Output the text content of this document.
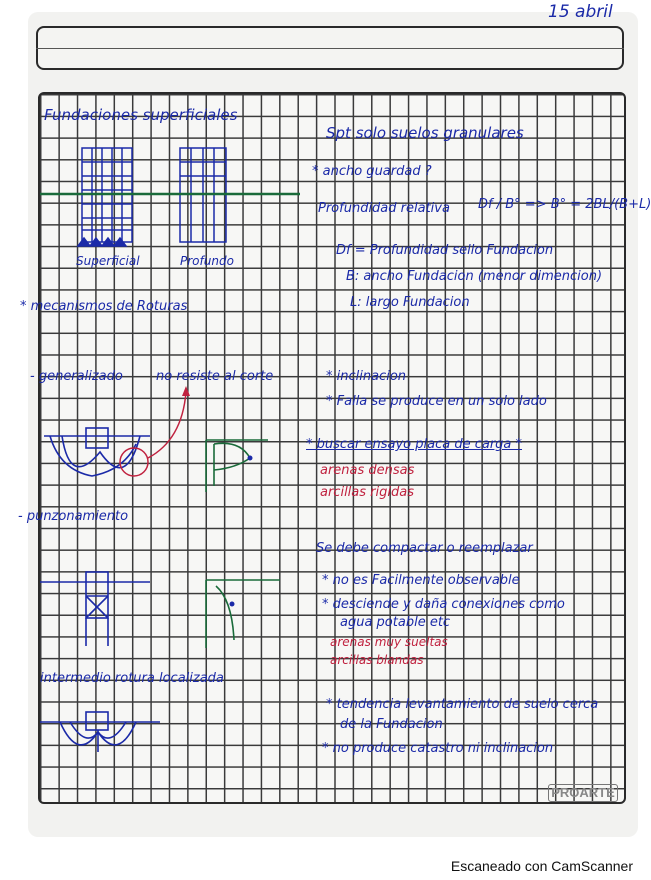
15 abril
Fundaciones superficiales
Superficial	Profundo
* mecanismos de Roturas
- generalizado	no resiste al corte
- punzonamiento
intermedio rotura localizada
Spt solo suelos granulares
* ancho guardad ?
Profundidad relativa Df / B° => B° = 2BL/(B+L)
Df = Profundidad sello Fundacion
B: ancho Fundacion (menor dimencion)
L: largo Fundacion
* inclinacion
* Falla se produce en un solo lado
* buscar ensayo placa de carga *
arenas densas
arcillas rigidas
Se debe compactar o reemplazar
* no es Facilmente observable
* desciende y daña conexiones como
agua potable etc
arenas muy sueltas
arcillas blandas
* tendencia levantamiento de suelo cerca
de la Fundacion
* no produce catastro ni inclinacion
PROARTE
Escaneado con CamScanner
